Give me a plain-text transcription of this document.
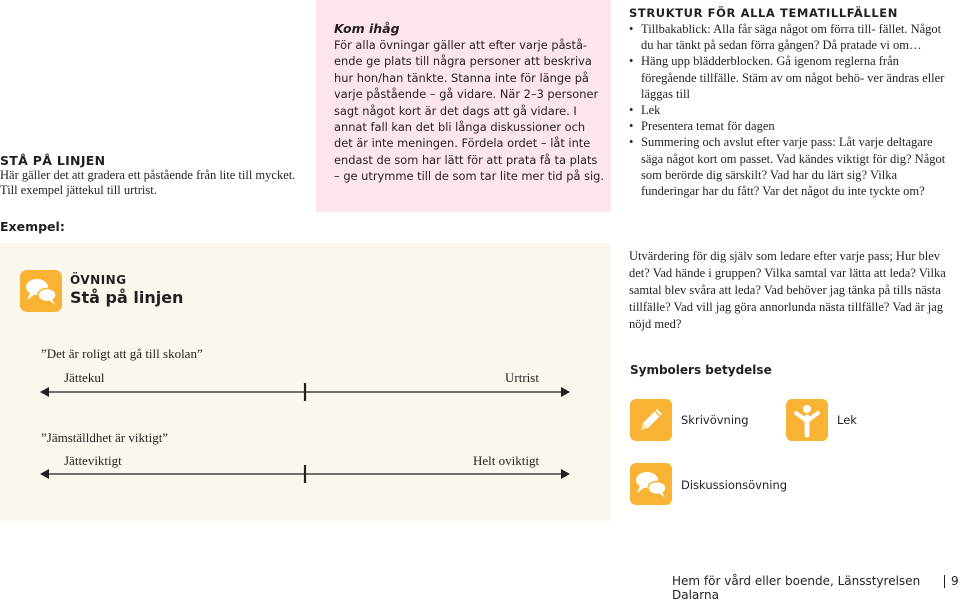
STÅ PÅ LINJEN
Här gäller det att gradera ett påstående från lite till mycket. Till exempel jättekul till urtrist.
Exempel:
ÖVNING
Stå på linjen
”Det är roligt att gå till skolan”
Jättekul	Urtrist
”Jämställdhet är viktigt”
Jätteviktigt	Helt oviktigt
Kom ihåg
För alla övningar gäller att efter varje påstå- ende ge plats till några personer att beskriva hur hon/han tänkte. Stanna inte för länge på varje påstående – gå vidare. När 2–3 personer sagt något kort är det dags att gå vidare. I annat fall kan det bli långa diskussioner och det är inte meningen. Fördela ordet – låt inte endast de som har lätt för att prata få ta plats – ge utrymme till de som tar lite mer tid på sig.
STRUKTUR FÖR ALLA TEMATILLFÄLLEN
• Tillbakablick: Alla får säga något om förra till- fället. Något du har tänkt på sedan förra gången? Då pratade vi om…
• Häng upp blädderblocken. Gå igenom reglerna från föregående tillfälle. Stäm av om något behö- ver ändras eller läggas till
• Lek
• Presentera temat för dagen
• Summering och avslut efter varje pass: Låt varje deltagare säga något kort om passet. Vad kändes viktigt för dig? Något som berörde dig särskilt? Vad har du lärt sig? Vilka funderingar har du fått? Var det något du inte tyckte om?
Utvärdering för dig själv som ledare efter varje pass; Hur blev det? Vad hände i gruppen? Vilka samtal var lätta att leda? Vilka samtal blev svåra att leda? Vad behöver jag tänka på tills nästa tillfälle? Vad vill jag göra annorlunda nästa tillfälle? Vad är jag nöjd med?
Symbolers betydelse
Skrivövning	Lek
Diskussionsövning
Hem för vård eller boende, Länsstyrelsen Dalarna
9
